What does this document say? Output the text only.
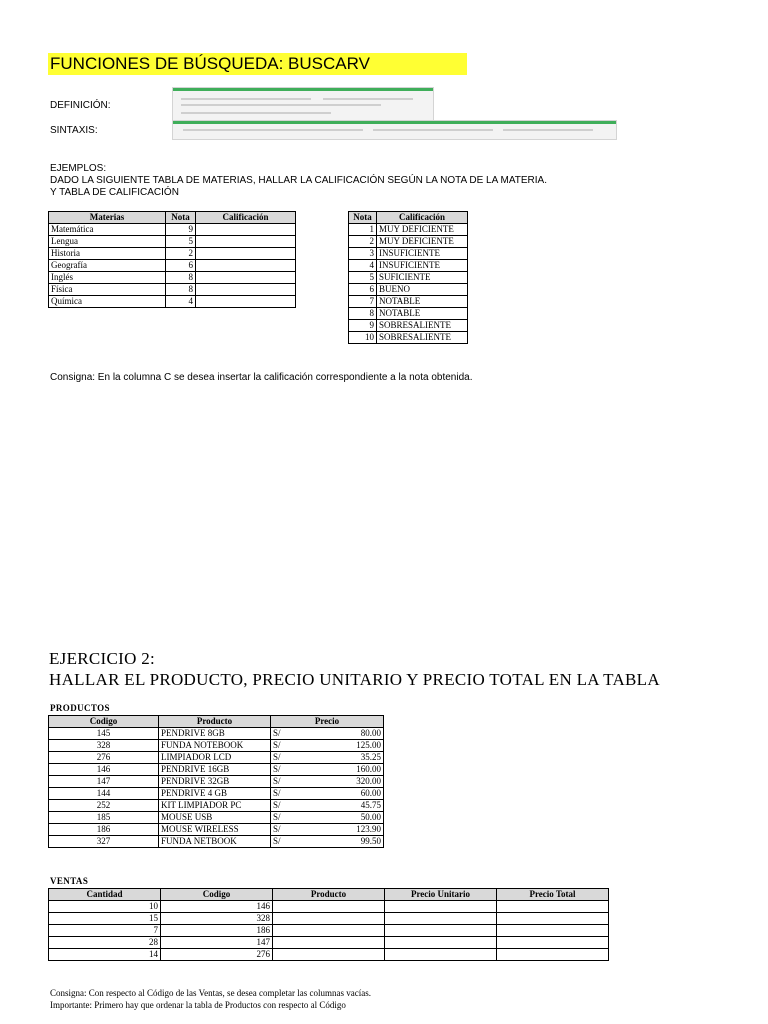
FUNCIONES DE BÚSQUEDA: BUSCARV
DEFINICIÓN:
SINTAXIS:
EJEMPLOS:
DADO LA SIGUIENTE TABLA DE MATERIAS, HALLAR LA CALIFICACIÓN SEGÚN LA NOTA DE LA MATERIA.
Y TABLA DE CALIFICACIÓN
Materias	Nota	Calificación
Matemática	9	
Lengua	5	
Historia	2	
Geografía	6	
Inglés	8	
Física	8	
Química	4	
Nota	Calificación
1	MUY DEFICIENTE
2	MUY DEFICIENTE
3	INSUFICIENTE
4	INSUFICIENTE
5	SUFICIENTE
6	BUENO
7	NOTABLE
8	NOTABLE
9	SOBRESALIENTE
10	SOBRESALIENTE
Consigna: En la columna C se desea insertar la calificación correspondiente a la nota obtenida.
EJERCICIO 2:
HALLAR EL PRODUCTO, PRECIO UNITARIO Y PRECIO TOTAL EN LA TABLA
PRODUCTOS
Codigo	Producto	Precio	
145	PENDRIVE 8GB	S/	80.00
328	FUNDA NOTEBOOK	S/	125.00
276	LIMPIADOR LCD	S/	35.25
146	PENDRIVE 16GB	S/	160.00
147	PENDRIVE 32GB	S/	320.00
144	PENDRIVE 4 GB	S/	60.00
252	KIT LIMPIADOR PC	S/	45.75
185	MOUSE USB	S/	50.00
186	MOUSE WIRELESS	S/	123.90
327	FUNDA NETBOOK	S/	99.50
VENTAS
Cantidad	Codigo	Producto	Precio Unitario	Precio Total
10	146			
15	328			
7	186			
28	147			
14	276			
Consigna: Con respecto al Código de las Ventas, se desea completar las columnas vacías.
Importante: Primero hay que ordenar la tabla de Productos con respecto al Código
